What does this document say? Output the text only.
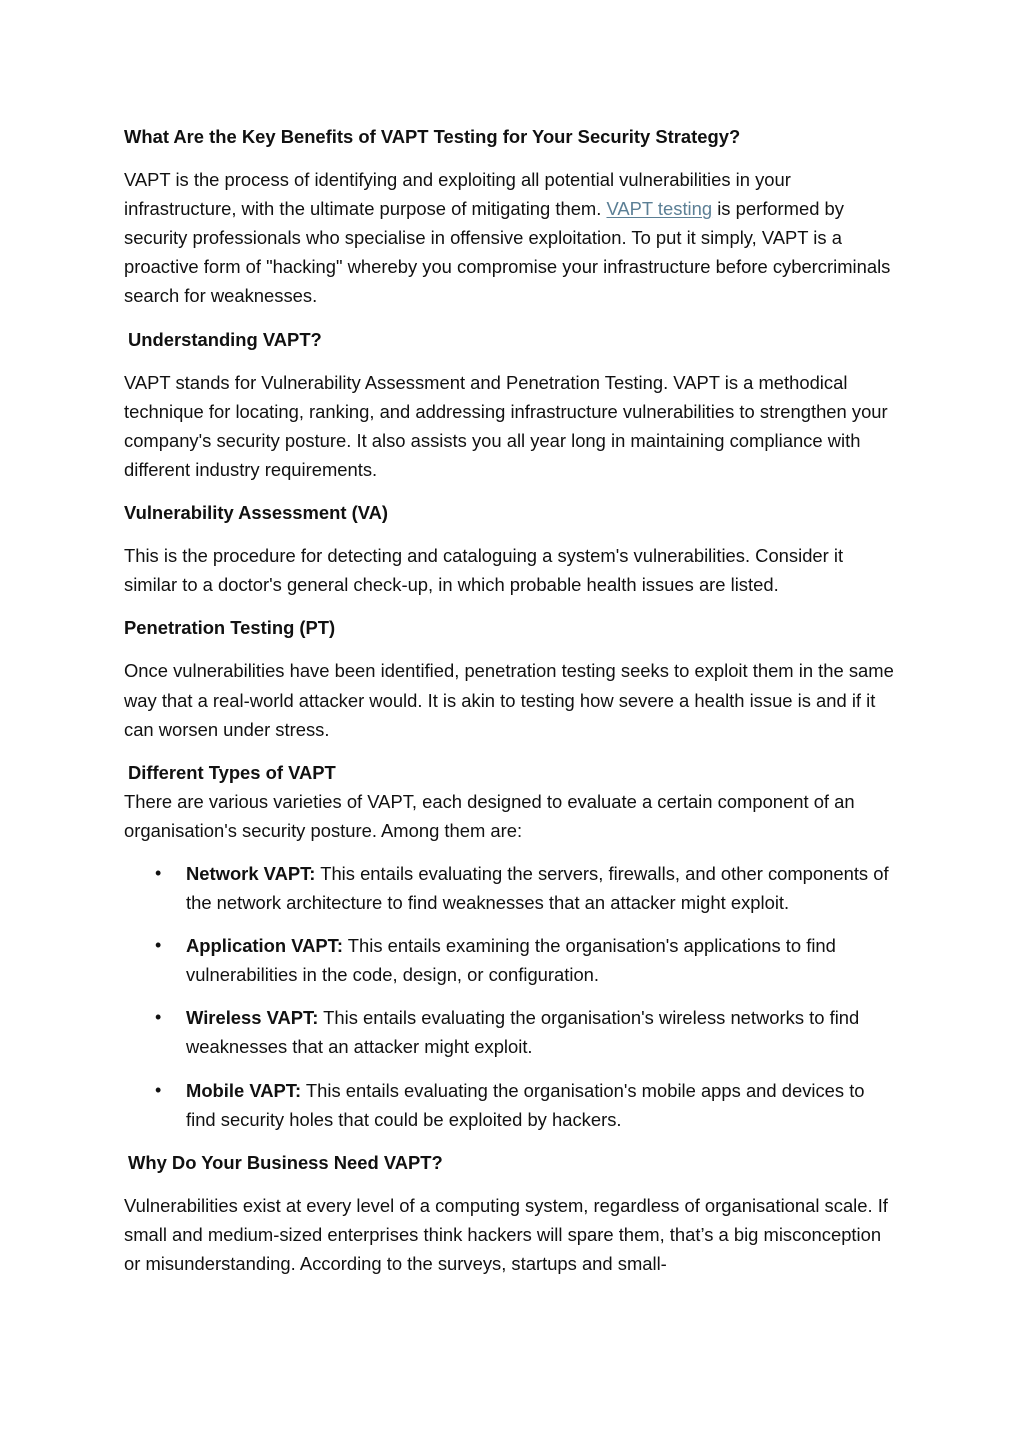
What Are the Key Benefits of VAPT Testing for Your Security Strategy?

VAPT is the process of identifying and exploiting all potential vulnerabilities in your infrastructure, with the ultimate purpose of mitigating them. VAPT testing is performed by security professionals who specialise in offensive exploitation. To put it simply, VAPT is a proactive form of "hacking" whereby you compromise your infrastructure before cybercriminals search for weaknesses.

Understanding VAPT?

VAPT stands for Vulnerability Assessment and Penetration Testing. VAPT is a methodical technique for locating, ranking, and addressing infrastructure vulnerabilities to strengthen your company's security posture. It also assists you all year long in maintaining compliance with different industry requirements.

Vulnerability Assessment (VA)

This is the procedure for detecting and cataloguing a system's vulnerabilities. Consider it similar to a doctor's general check-up, in which probable health issues are listed.

Penetration Testing (PT)

Once vulnerabilities have been identified, penetration testing seeks to exploit them in the same way that a real-world attacker would. It is akin to testing how severe a health issue is and if it can worsen under stress.

Different Types of VAPT

There are various varieties of VAPT, each designed to evaluate a certain component of an organisation's security posture. Among them are:

• Network VAPT: This entails evaluating the servers, firewalls, and other components of the network architecture to find weaknesses that an attacker might exploit.
• Application VAPT: This entails examining the organisation's applications to find vulnerabilities in the code, design, or configuration.
• Wireless VAPT: This entails evaluating the organisation's wireless networks to find weaknesses that an attacker might exploit.
• Mobile VAPT: This entails evaluating the organisation's mobile apps and devices to find security holes that could be exploited by hackers.

Why Do Your Business Need VAPT?

Vulnerabilities exist at every level of a computing system, regardless of organisational scale. If small and medium-sized enterprises think hackers will spare them, that’s a big misconception or misunderstanding. According to the surveys, startups and small-
